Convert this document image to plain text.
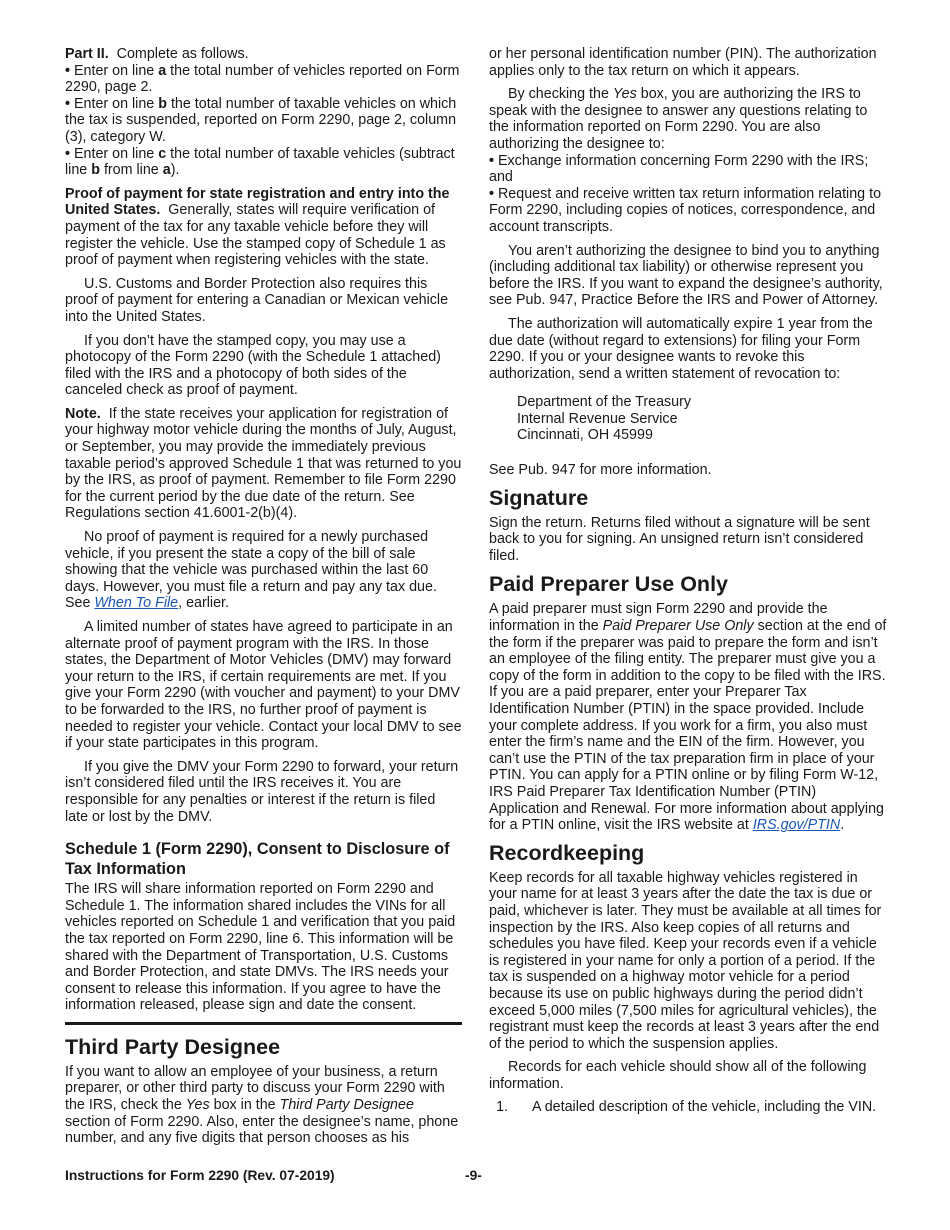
Part II. Complete as follows.

• Enter on line a the total number of vehicles reported on Form 2290, page 2.

• Enter on line b the total number of taxable vehicles on which the tax is suspended, reported on Form 2290, page 2, column (3), category W.

• Enter on line c the total number of taxable vehicles (subtract line b from line a).

Proof of payment for state registration and entry into the United States. Generally, states will require verification of payment of the tax for any taxable vehicle before they will register the vehicle. Use the stamped copy of Schedule 1 as proof of payment when registering vehicles with the state.

U.S. Customs and Border Protection also requires this proof of payment for entering a Canadian or Mexican vehicle into the United States.

If you don’t have the stamped copy, you may use a photocopy of the Form 2290 (with the Schedule 1 attached) filed with the IRS and a photocopy of both sides of the canceled check as proof of payment.

Note. If the state receives your application for registration of your highway motor vehicle during the months of July, August, or September, you may provide the immediately previous taxable period’s approved Schedule 1 that was returned to you by the IRS, as proof of payment. Remember to file Form 2290 for the current period by the due date of the return. See Regulations section 41.6001-2(b)(4).

No proof of payment is required for a newly purchased vehicle, if you present the state a copy of the bill of sale showing that the vehicle was purchased within the last 60 days. However, you must file a return and pay any tax due. See When To File, earlier.

A limited number of states have agreed to participate in an alternate proof of payment program with the IRS. In those states, the Department of Motor Vehicles (DMV) may forward your return to the IRS, if certain requirements are met. If you give your Form 2290 (with voucher and payment) to your DMV to be forwarded to the IRS, no further proof of payment is needed to register your vehicle. Contact your local DMV to see if your state participates in this program.

If you give the DMV your Form 2290 to forward, your return isn’t considered filed until the IRS receives it. You are responsible for any penalties or interest if the return is filed late or lost by the DMV.

Schedule 1 (Form 2290), Consent to Disclosure of Tax Information

The IRS will share information reported on Form 2290 and Schedule 1. The information shared includes the VINs for all vehicles reported on Schedule 1 and verification that you paid the tax reported on Form 2290, line 6. This information will be shared with the Department of Transportation, U.S. Customs and Border Protection, and state DMVs. The IRS needs your consent to release this information. If you agree to have the information released, please sign and date the consent.

Third Party Designee

If you want to allow an employee of your business, a return preparer, or other third party to discuss your Form 2290 with the IRS, check the Yes box in the Third Party Designee section of Form 2290. Also, enter the designee’s name, phone number, and any five digits that person chooses as his

or her personal identification number (PIN). The authorization applies only to the tax return on which it appears.

By checking the Yes box, you are authorizing the IRS to speak with the designee to answer any questions relating to the information reported on Form 2290. You are also authorizing the designee to:

• Exchange information concerning Form 2290 with the IRS; and

• Request and receive written tax return information relating to Form 2290, including copies of notices, correspondence, and account transcripts.

You aren’t authorizing the designee to bind you to anything (including additional tax liability) or otherwise represent you before the IRS. If you want to expand the designee’s authority, see Pub. 947, Practice Before the IRS and Power of Attorney.

The authorization will automatically expire 1 year from the due date (without regard to extensions) for filing your Form 2290. If you or your designee wants to revoke this authorization, send a written statement of revocation to:

Department of the Treasury
Internal Revenue Service
Cincinnati, OH 45999

See Pub. 947 for more information.

Signature

Sign the return. Returns filed without a signature will be sent back to you for signing. An unsigned return isn’t considered filed.

Paid Preparer Use Only

A paid preparer must sign Form 2290 and provide the information in the Paid Preparer Use Only section at the end of the form if the preparer was paid to prepare the form and isn’t an employee of the filing entity. The preparer must give you a copy of the form in addition to the copy to be filed with the IRS. If you are a paid preparer, enter your Preparer Tax Identification Number (PTIN) in the space provided. Include your complete address. If you work for a firm, you also must enter the firm’s name and the EIN of the firm. However, you can’t use the PTIN of the tax preparation firm in place of your PTIN. You can apply for a PTIN online or by filing Form W-12, IRS Paid Preparer Tax Identification Number (PTIN) Application and Renewal. For more information about applying for a PTIN online, visit the IRS website at IRS.gov/PTIN.

Recordkeeping

Keep records for all taxable highway vehicles registered in your name for at least 3 years after the date the tax is due or paid, whichever is later. They must be available at all times for inspection by the IRS. Also keep copies of all returns and schedules you have filed. Keep your records even if a vehicle is registered in your name for only a portion of a period. If the tax is suspended on a highway motor vehicle for a period because its use on public highways during the period didn’t exceed 5,000 miles (7,500 miles for agricultural vehicles), the registrant must keep the records at least 3 years after the end of the period to which the suspension applies.

Records for each vehicle should show all of the following information.

1. A detailed description of the vehicle, including the VIN.
Instructions for Form 2290 (Rev. 07-2019)	-9-
